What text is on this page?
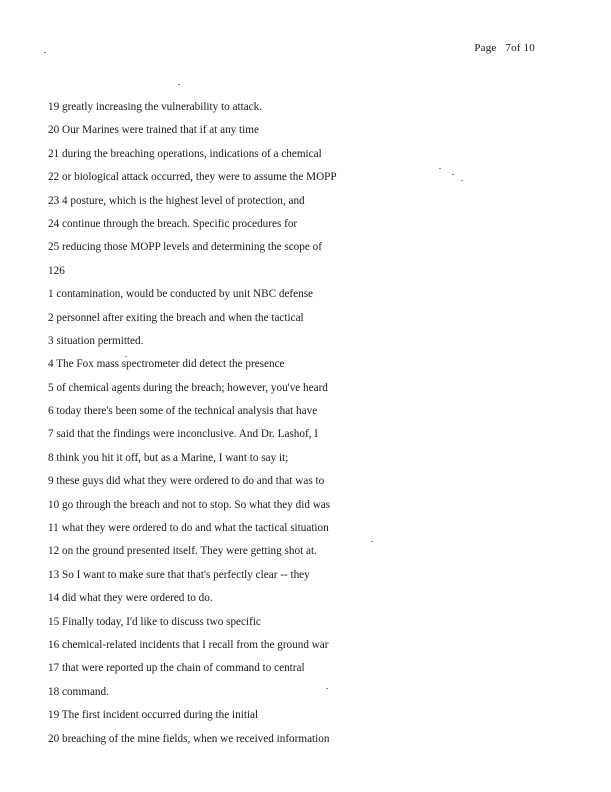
Page 7of 10
19 greatly increasing the vulnerability to attack.
20 Our Marines were trained that if at any time
21 during the breaching operations, indications of a chemical
22 or biological attack occurred, they were to assume the MOPP
23 4 posture, which is the highest level of protection, and
24 continue through the breach. Specific procedures for
25 reducing those MOPP levels and determining the scope of
126
1 contamination, would be conducted by unit NBC defense
2 personnel after exiting the breach and when the tactical
3 situation permitted.
4 The Fox mass spectrometer did detect the presence
5 of chemical agents during the breach; however, you've heard
6 today there's been some of the technical analysis that have
7 said that the findings were inconclusive. And Dr. Lashof, I
8 think you hit it off, but as a Marine, I want to say it;
9 these guys did what they were ordered to do and that was to
10 go through the breach and not to stop. So what they did was
11 what they were ordered to do and what the tactical situation
12 on the ground presented itself. They were getting shot at.
13 So I want to make sure that that's perfectly clear -- they
14 did what they were ordered to do.
15 Finally today, I'd like to discuss two specific
16 chemical-related incidents that I recall from the ground war
17 that were reported up the chain of command to central
18 command.
19 The first incident occurred during the initial
20 breaching of the mine fields, when we received information
